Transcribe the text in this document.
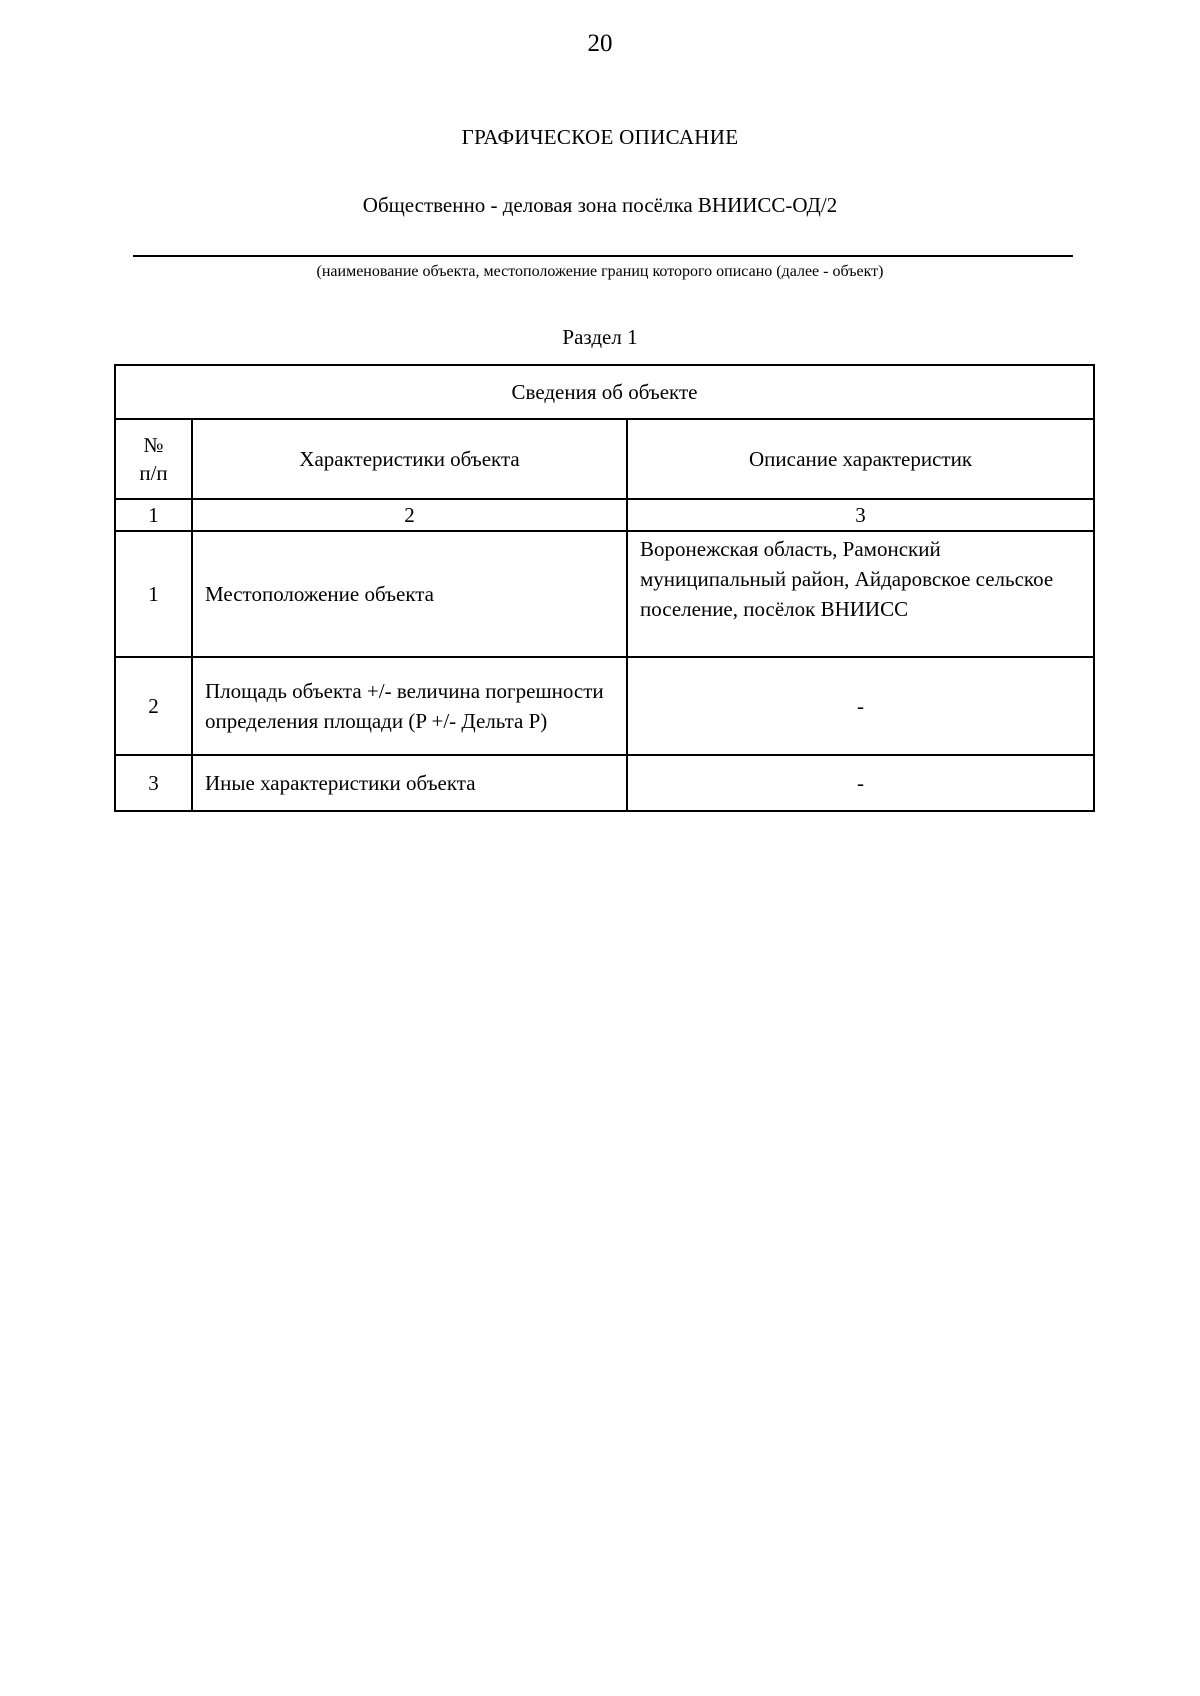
20
ГРАФИЧЕСКОЕ ОПИСАНИЕ
Общественно - деловая зона посёлка ВНИИСС-ОД/2
(наименование объекта, местоположение границ которого описано (далее - объект)
Раздел 1
Сведения об объекте		
№
п/п	Характеристики объекта	Описание характеристик
1	2	3
1	Местоположение объекта	Воронежская область, Рамонский муниципальный район, Айдаровское сельское поселение, посёлок ВНИИСС
2	Площадь объекта +/- величина погрешности определения площади (P +/- Дельта P)	-
3	Иные характеристики объекта	-
